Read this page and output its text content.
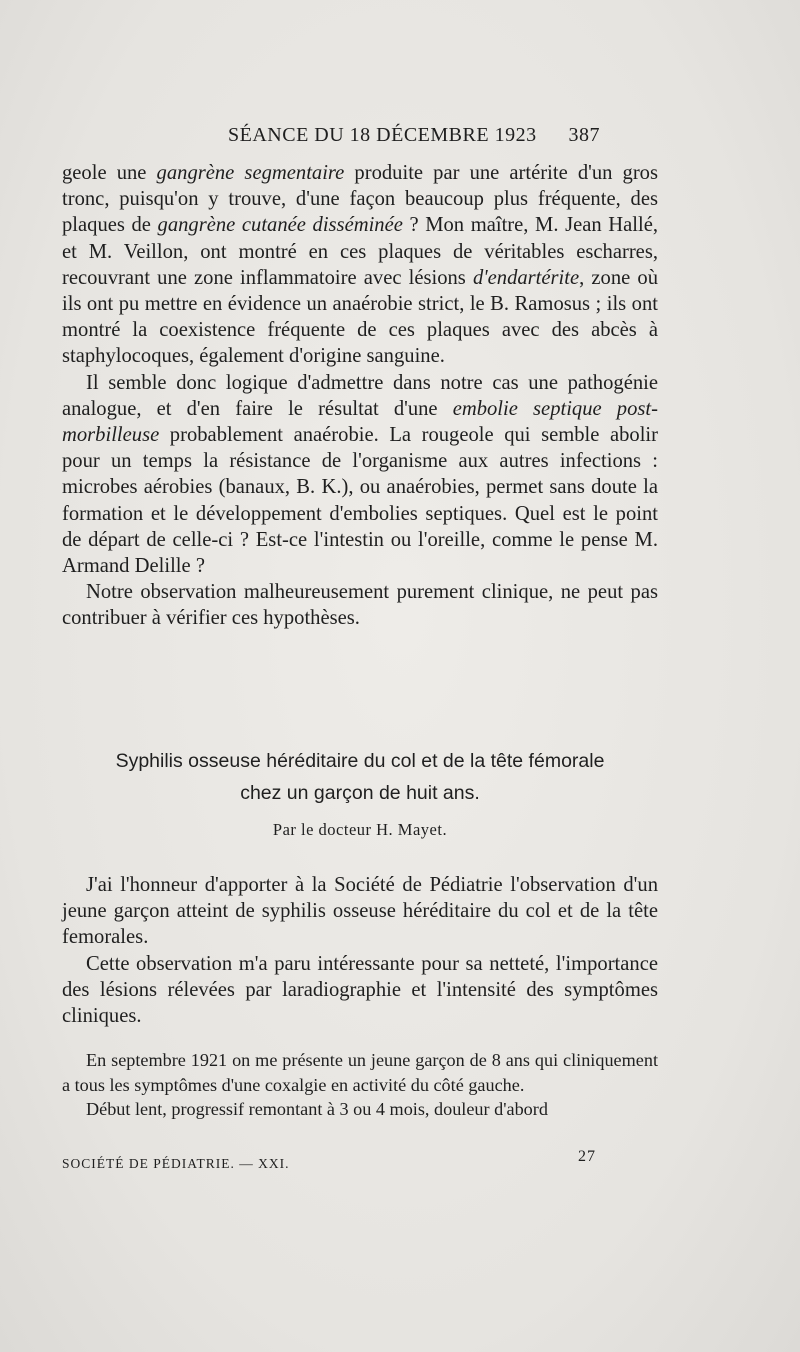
SÉANCE DU 18 DÉCEMBRE 1923 387

geole une gangrène segmentaire produite par une artérite d'un gros tronc, puisqu'on y trouve, d'une façon beaucoup plus fréquente, des plaques de gangrène cutanée disséminée ? Mon maître, M. Jean Hallé, et M. Veillon, ont montré en ces plaques de véritables escharres, recouvrant une zone inflammatoire avec lésions d'endartérite, zone où ils ont pu mettre en évidence un anaérobie strict, le B. Ramosus ; ils ont montré la coexistence fréquente de ces plaques avec des abcès à staphylocoques, également d'origine sanguine.

Il semble donc logique d'admettre dans notre cas une pathogénie analogue, et d'en faire le résultat d'une embolie septique post-morbilleuse probablement anaérobie. La rougeole qui semble abolir pour un temps la résistance de l'organisme aux autres infections : microbes aérobies (banaux, B. K.), ou anaérobies, permet sans doute la formation et le développement d'embolies septiques. Quel est le point de départ de celle-ci ? Est-ce l'intestin ou l'oreille, comme le pense M. Armand Delille ?

Notre observation malheureusement purement clinique, ne peut pas contribuer à vérifier ces hypothèses.

Syphilis osseuse héréditaire du col et de la tête fémorale
chez un garçon de huit ans.
Par le docteur H. Mayet.

J'ai l'honneur d'apporter à la Société de Pédiatrie l'observation d'un jeune garçon atteint de syphilis osseuse héréditaire du col et de la tête femorales.

Cette observation m'a paru intéressante pour sa netteté, l'importance des lésions rélevées par laradiographie et l'intensité des symptômes cliniques.

En septembre 1921 on me présente un jeune garçon de 8 ans qui cliniquement a tous les symptômes d'une coxalgie en activité du côté gauche.

Début lent, progressif remontant à 3 ou 4 mois, douleur d'abord

SOCIÉTÉ DE PÉDIATRIE. — XXI.	27
